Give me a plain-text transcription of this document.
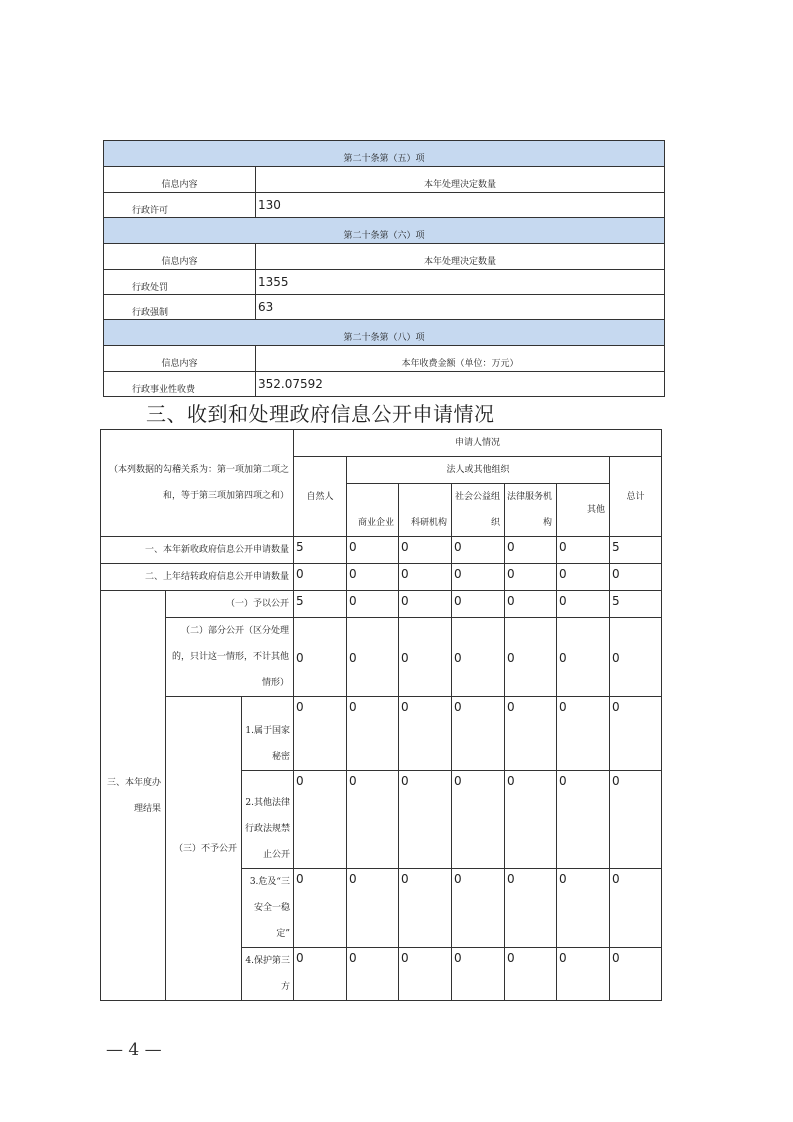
第二十条第（五）项	
信息内容	本年处理决定数量
行政许可	130
第二十条第（六）项	
信息内容	本年处理决定数量
行政处罚	1355
行政强制	63
第二十条第（八）项	
信息内容	本年收费金额（单位：万元）
行政事业性收费	352.07592
三、收到和处理政府信息公开申请情况
（本列数据的勾稽关系为：第一项加第二项之和，等于第三项加第四项之和）			申请人情况						
			自然人	法人或其他组织					总计
				商业企业	科研机构	社会公益组织	法律服务机构	其他	
一、本年新收政府信息公开申请数量			5	0	0	0	0	0	5
二、上年结转政府信息公开申请数量			0	0	0	0	0	0	0
三、本年度办理结果	（一）予以公开		5	0	0	0	0	0	5
	（二）部分公开（区分处理的，只计这一情形，不计其他情形）		0	0	0	0	0	0	0
	（三）不予公开	1.属于国家秘密	0	0	0	0	0	0	0
		2.其他法律行政法规禁止公开	0	0	0	0	0	0	0
		3.危及“三安全一稳定”	0	0	0	0	0	0	0
		4.保护第三方	0	0	0	0	0	0	0
— 4 —
